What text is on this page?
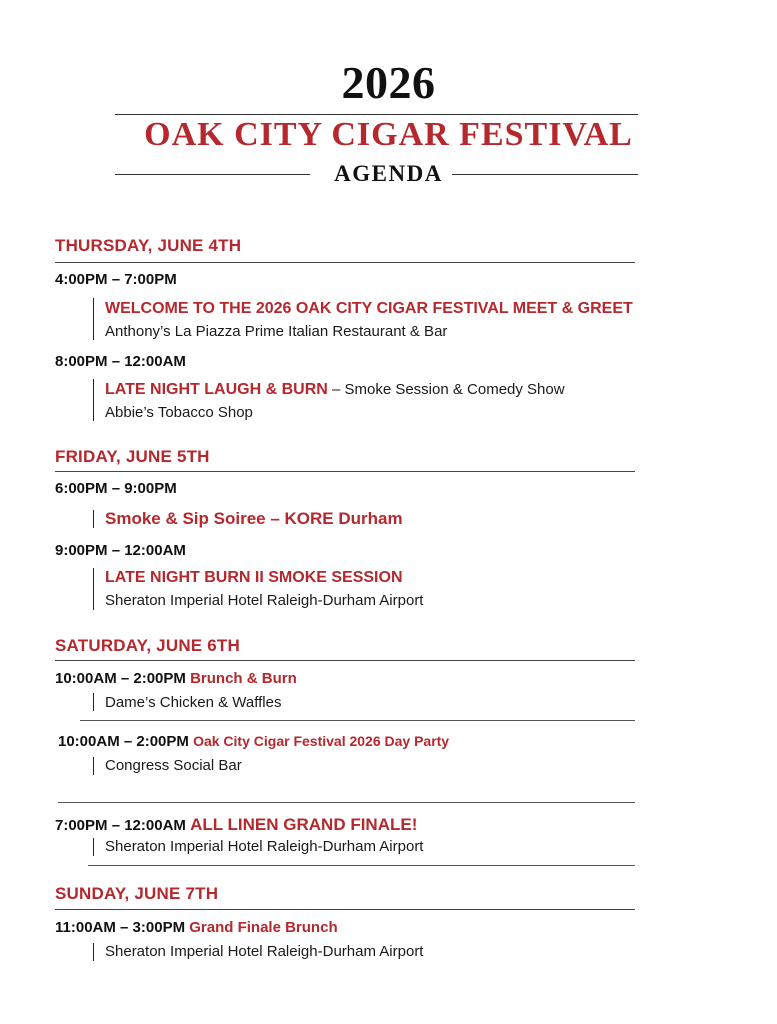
2026
OAK CITY CIGAR FESTIVAL
AGENDA
THURSDAY, JUNE 4TH
4:00PM – 7:00PM
WELCOME TO THE 2026 OAK CITY CIGAR FESTIVAL MEET & GREET
Anthony’s La Piazza Prime Italian Restaurant & Bar
8:00PM – 12:00AM
LATE NIGHT LAUGH & BURN – Smoke Session & Comedy Show
Abbie’s Tobacco Shop
FRIDAY, JUNE 5TH
6:00PM – 9:00PM
Smoke & Sip Soiree – KORE Durham
9:00PM – 12:00AM
LATE NIGHT BURN II SMOKE SESSION
Sheraton Imperial Hotel Raleigh-Durham Airport
SATURDAY, JUNE 6TH
10:00AM – 2:00PM Brunch & Burn
Dame’s Chicken & Waffles
10:00AM – 2:00PM Oak City Cigar Festival 2026 Day Party
Congress Social Bar
7:00PM – 12:00AM ALL LINEN GRAND FINALE!
Sheraton Imperial Hotel Raleigh-Durham Airport
SUNDAY, JUNE 7TH
11:00AM – 3:00PM Grand Finale Brunch
Sheraton Imperial Hotel Raleigh-Durham Airport
